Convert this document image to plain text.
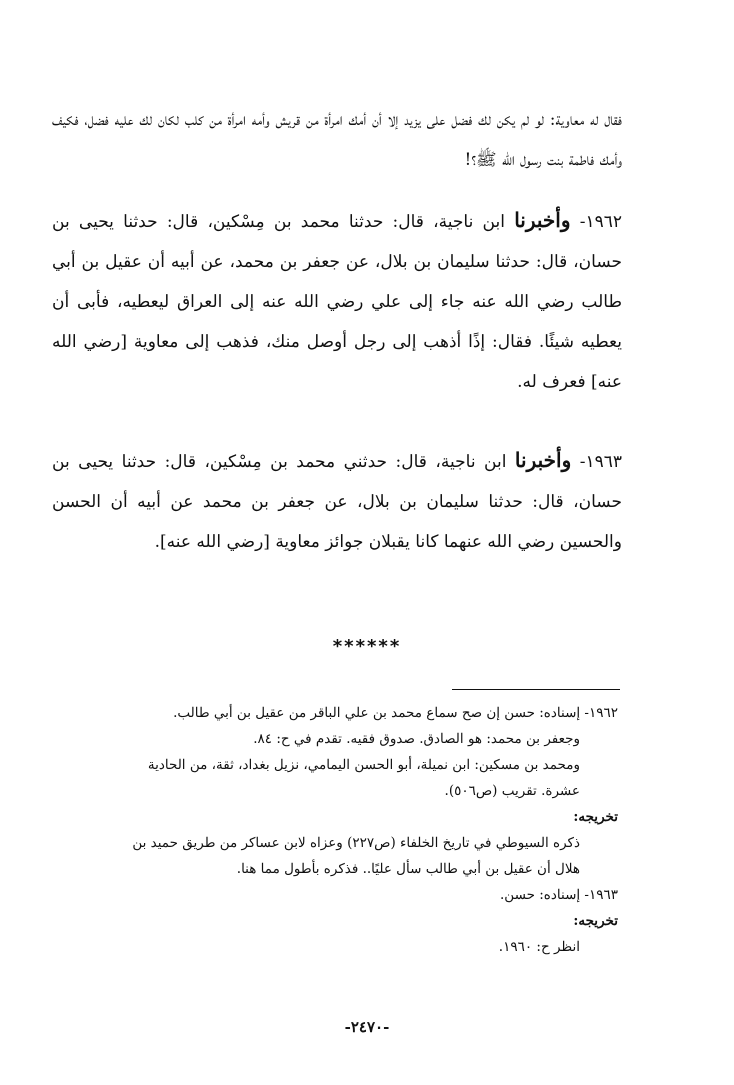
فقال له معاوية: لو لم يكن لك فضل على يزيد إلا أن أمك امرأة من قريش وأمه امرأة من كلب لكان لك عليه فضل، فكيف وأمك فاطمة بنت رسول الله ﷺ؟!

١٩٦٢- وأخبرنا ابن ناجية، قال: حدثنا محمد بن مِسْكين، قال: حدثنا يحيى بن حسان، قال: حدثنا سليمان بن بلال، عن جعفر بن محمد، عن أبيه أن عقيل بن أبي طالب رضي الله عنه جاء إلى علي رضي الله عنه إلى العراق ليعطيه، فأبى أن يعطيه شيئًا. فقال: إذًا أذهب إلى رجل أوصل منك، فذهب إلى معاوية [رضي الله عنه] فعرف له.

١٩٦٣- وأخبرنا ابن ناجية، قال: حدثني محمد بن مِسْكين، قال: حدثنا يحيى بن حسان، قال: حدثنا سليمان بن بلال، عن جعفر بن محمد عن أبيه أن الحسن والحسين رضي الله عنهما كانا يقبلان جوائز معاوية [رضي الله عنه].

******

١٩٦٢- إسناده: حسن إن صح سماع محمد بن علي الباقر من عقيل بن أبي طالب.

وجعفر بن محمد: هو الصادق. صدوق فقيه. تقدم في ح: ٨٤.

ومحمد بن مسكين: ابن نميلة، أبو الحسن اليمامي، نزيل بغداد، ثقة، من الحادية

عشرة. تقريب (ص٥٠٦).

تخريجه:

ذكره السيوطي في تاريخ الخلفاء (ص٢٢٧) وعزاه لابن عساكر من طريق حميد بن

هلال أن عقيل بن أبي طالب سأل عليًا.. فذكره بأطول مما هنا.

١٩٦٣- إسناده: حسن.

تخريجه:

انظر ح: ١٩٦٠.

-٢٤٧٠-
